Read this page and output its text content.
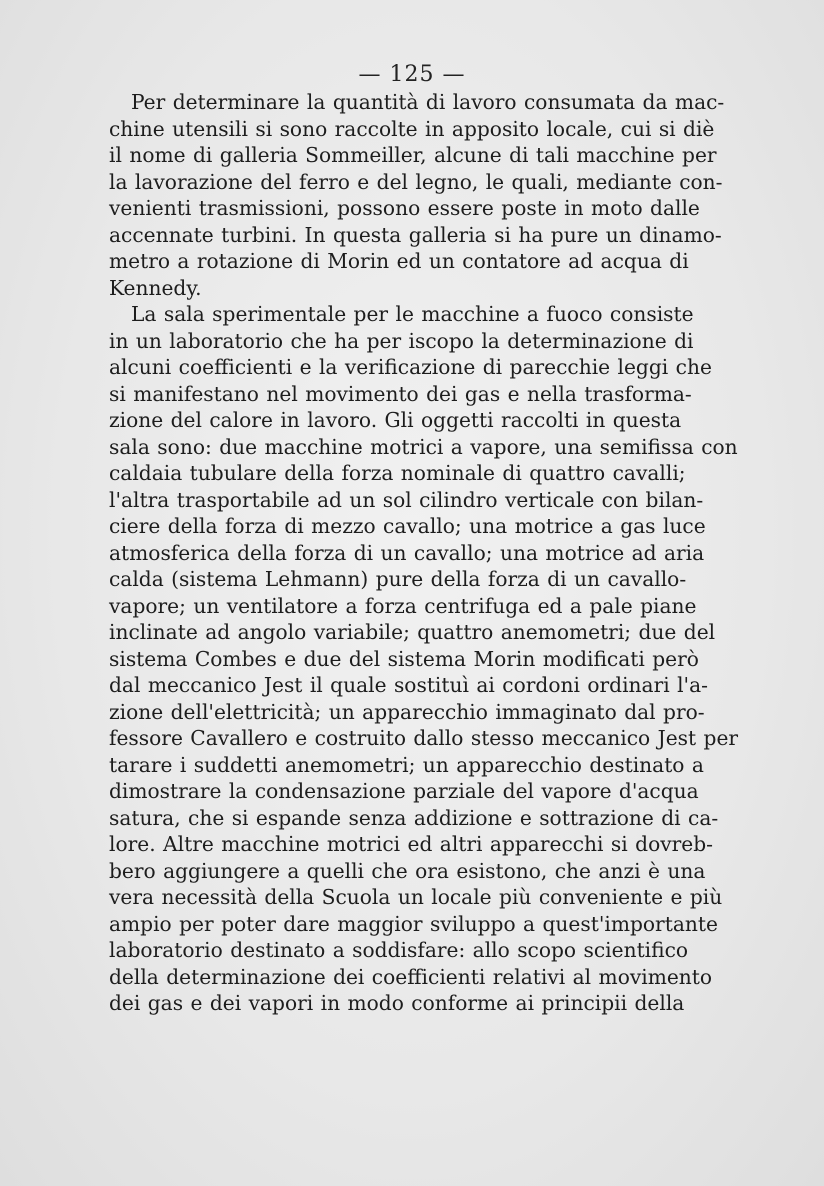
— 125 —
Per determinare la quantità di lavoro consumata da mac-
chine utensili si sono raccolte in apposito locale, cui si diè
il nome di galleria Sommeiller, alcune di tali macchine per
la lavorazione del ferro e del legno, le quali, mediante con-
venienti trasmissioni, possono essere poste in moto dalle
accennate turbini. In questa galleria si ha pure un dinamo-
metro a rotazione di Morin ed un contatore ad acqua di
Kennedy.
La sala sperimentale per le macchine a fuoco consiste
in un laboratorio che ha per iscopo la determinazione di
alcuni coefficienti e la verificazione di parecchie leggi che
si manifestano nel movimento dei gas e nella trasforma-
zione del calore in lavoro. Gli oggetti raccolti in questa
sala sono: due macchine motrici a vapore, una semifissa con
caldaia tubulare della forza nominale di quattro cavalli;
l'altra trasportabile ad un sol cilindro verticale con bilan-
ciere della forza di mezzo cavallo; una motrice a gas luce
atmosferica della forza di un cavallo; una motrice ad aria
calda (sistema Lehmann) pure della forza di un cavallo-
vapore; un ventilatore a forza centrifuga ed a pale piane
inclinate ad angolo variabile; quattro anemometri; due del
sistema Combes e due del sistema Morin modificati però
dal meccanico Jest il quale sostituì ai cordoni ordinari l'a-
zione dell'elettricità; un apparecchio immaginato dal pro-
fessore Cavallero e costruito dallo stesso meccanico Jest per
tarare i suddetti anemometri; un apparecchio destinato a
dimostrare la condensazione parziale del vapore d'acqua
satura, che si espande senza addizione e sottrazione di ca-
lore. Altre macchine motrici ed altri apparecchi si dovreb-
bero aggiungere a quelli che ora esistono, che anzi è una
vera necessità della Scuola un locale più conveniente e più
ampio per poter dare maggior sviluppo a quest'importante
laboratorio destinato a soddisfare: allo scopo scientifico
della determinazione dei coefficienti relativi al movimento
dei gas e dei vapori in modo conforme ai principii della
